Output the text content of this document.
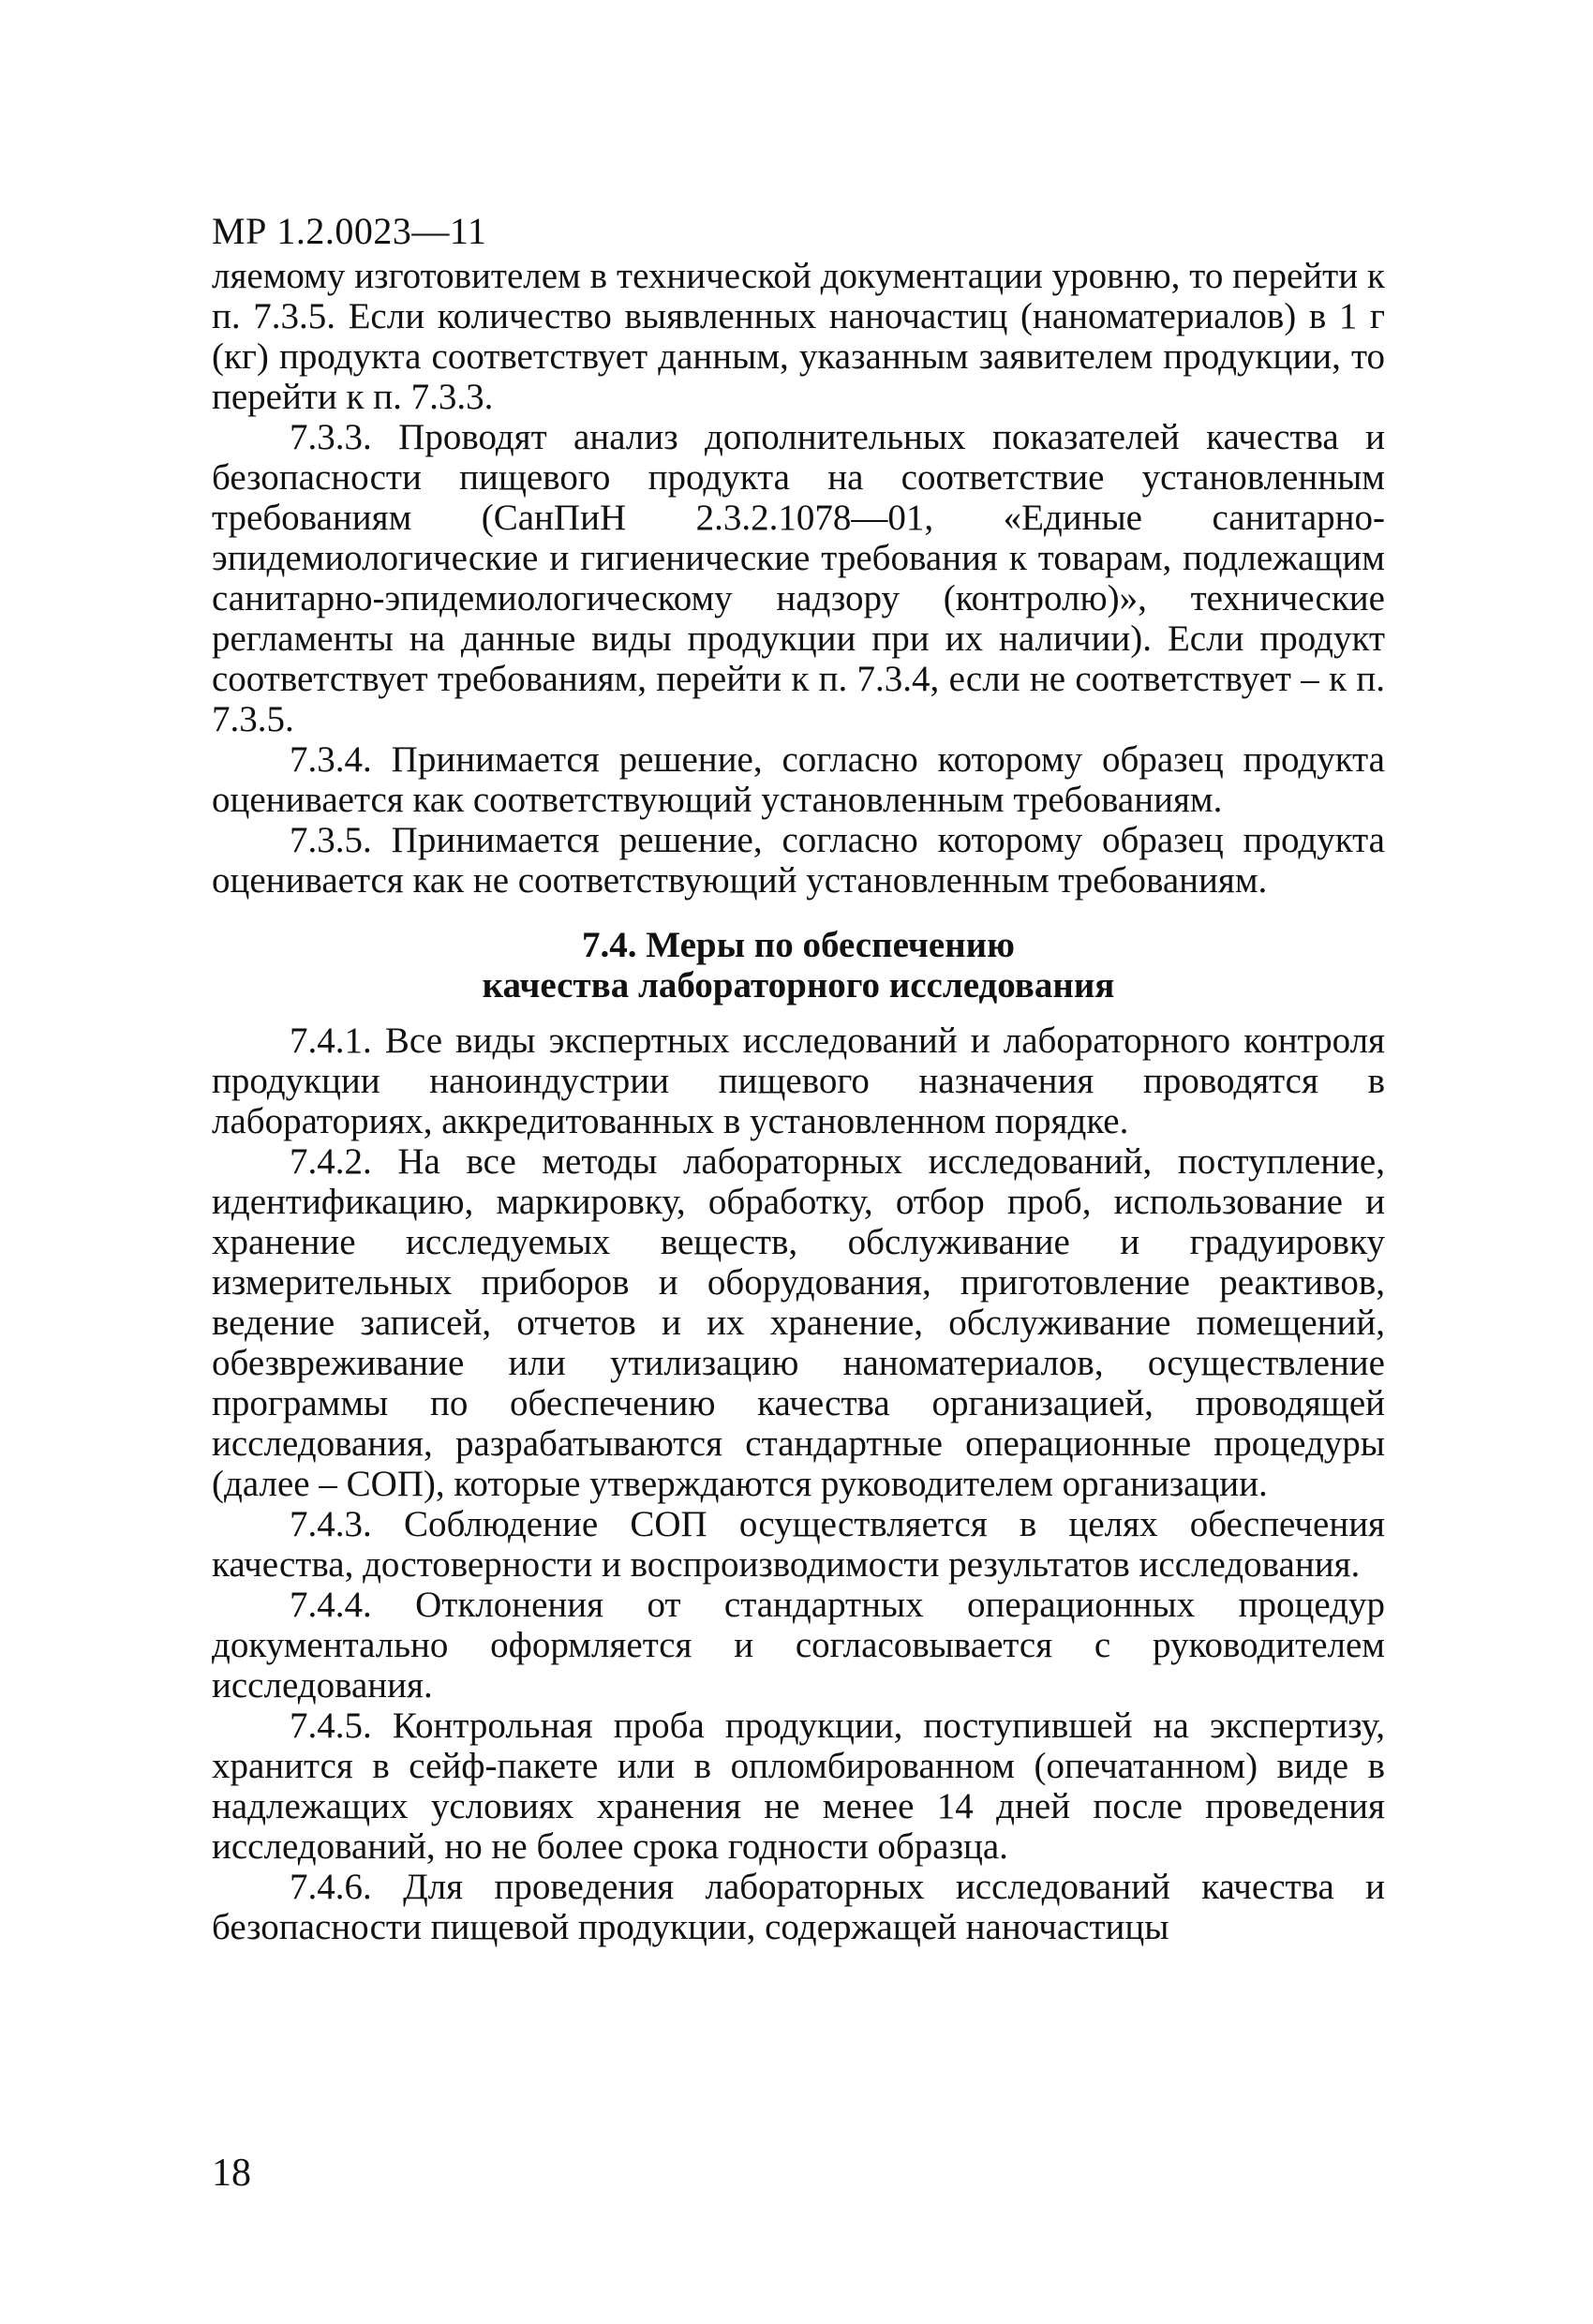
МР 1.2.0023—11

ляемому изготовителем в технической документации уровню, то перейти к п. 7.3.5. Если количество выявленных наночастиц (наноматериалов) в 1 г (кг) продукта соответствует данным, указанным заявителем продукции, то перейти к п. 7.3.3.

7.3.3. Проводят анализ дополнительных показателей качества и безопасности пищевого продукта на соответствие установленным требованиям (СанПиН 2.3.2.1078—01, «Единые санитарно-эпидемиологические и гигиенические требования к товарам, подлежащим санитарно-эпидемиологическому надзору (контролю)», технические регламенты на данные виды продукции при их наличии). Если продукт соответствует требованиям, перейти к п. 7.3.4, если не соответствует – к п. 7.3.5.

7.3.4. Принимается решение, согласно которому образец продукта оценивается как соответствующий установленным требованиям.

7.3.5. Принимается решение, согласно которому образец продукта оценивается как не соответствующий установленным требованиям.

7.4. Меры по обеспечению
качества лабораторного исследования

7.4.1. Все виды экспертных исследований и лабораторного контроля продукции наноиндустрии пищевого назначения проводятся в лабораториях, аккредитованных в установленном порядке.

7.4.2. На все методы лабораторных исследований, поступление, идентификацию, маркировку, обработку, отбор проб, использование и хранение исследуемых веществ, обслуживание и градуировку измерительных приборов и оборудования, приготовление реактивов, ведение записей, отчетов и их хранение, обслуживание помещений, обезвреживание или утилизацию наноматериалов, осуществление программы по обеспечению качества организацией, проводящей исследования, разрабатываются стандартные операционные процедуры (далее – СОП), которые утверждаются руководителем организации.

7.4.3. Соблюдение СОП осуществляется в целях обеспечения качества, достоверности и воспроизводимости результатов исследования.

7.4.4. Отклонения от стандартных операционных процедур документально оформляется и согласовывается с руководителем исследования.

7.4.5. Контрольная проба продукции, поступившей на экспертизу, хранится в сейф-пакете или в опломбированном (опечатанном) виде в надлежащих условиях хранения не менее 14 дней после проведения исследований, но не более срока годности образца.

7.4.6. Для проведения лабораторных исследований качества и безопасности пищевой продукции, содержащей наночастицы

18
